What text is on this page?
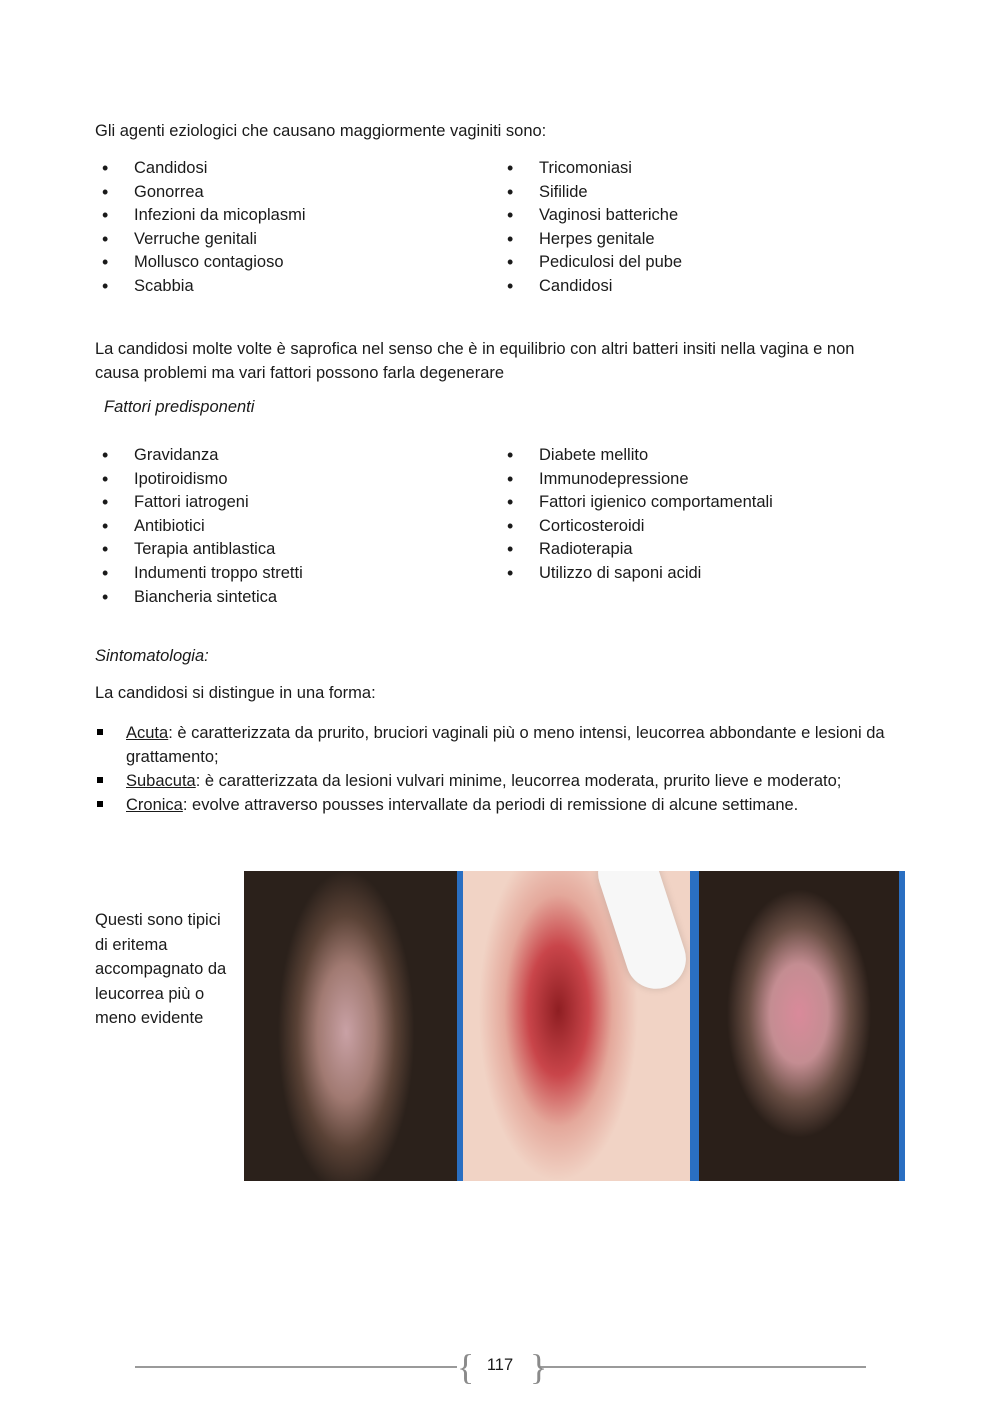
Gli agenti eziologici che causano maggiormente vaginiti sono:
• Candidosi
• Gonorrea
• Infezioni da micoplasmi
• Verruche genitali
• Mollusco contagioso
• Scabbia
• Tricomoniasi
• Sifilide
• Vaginosi batteriche
• Herpes genitale
• Pediculosi del pube
• Candidosi
La candidosi molte volte è saprofica nel senso che è in equilibrio con altri batteri insiti nella vagina e non causa problemi ma vari fattori possono farla degenerare
Fattori predisponenti
• Gravidanza
• Ipotiroidismo
• Fattori iatrogeni
• Antibiotici
• Terapia antiblastica
• Indumenti troppo stretti
• Biancheria sintetica
• Diabete mellito
• Immunodepressione
• Fattori igienico comportamentali
• Corticosteroidi
• Radioterapia
• Utilizzo di saponi acidi
Sintomatologia:
La candidosi si distingue in una forma:
Acuta: è caratterizzata da prurito, bruciori vaginali più o meno intensi, leucorrea abbondante e lesioni da grattamento;
Subacuta: è caratterizzata da lesioni vulvari minime, leucorrea moderata, prurito lieve e moderato;
Cronica: evolve attraverso pousses intervallate da periodi di remissione di alcune settimane.
Questi sono tipici di eritema accompagnato da leucorrea più o meno evidente
{ }
117
